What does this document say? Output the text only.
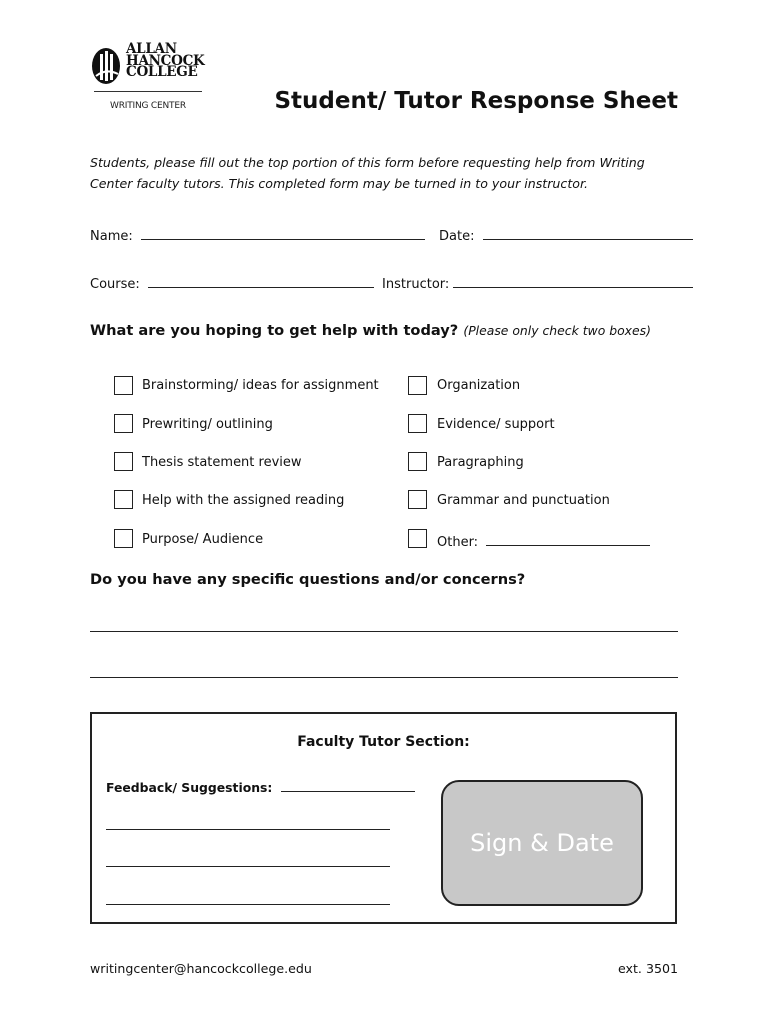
ALLAN
HANCOCK
COLLEGE
WRITING CENTER	Student/ Tutor Response Sheet
Students, please fill out the top portion of this form before requesting help from Writing Center faculty tutors. This completed form may be turned in to your instructor.
Name:	Date:
Course:	Instructor:
What are you hoping to get help with today? (Please only check two boxes)
Brainstorming/ ideas for assignment
Prewriting/ outlining
Thesis statement review
Help with the assigned reading
Purpose/ Audience
Organization
Evidence/ support
Paragraphing
Grammar and punctuation
Other:
Do you have any specific questions and/or concerns?
Faculty Tutor Section:
Feedback/ Suggestions:
Sign & Date
writingcenter@hancockcollege.edu	ext. 3501
